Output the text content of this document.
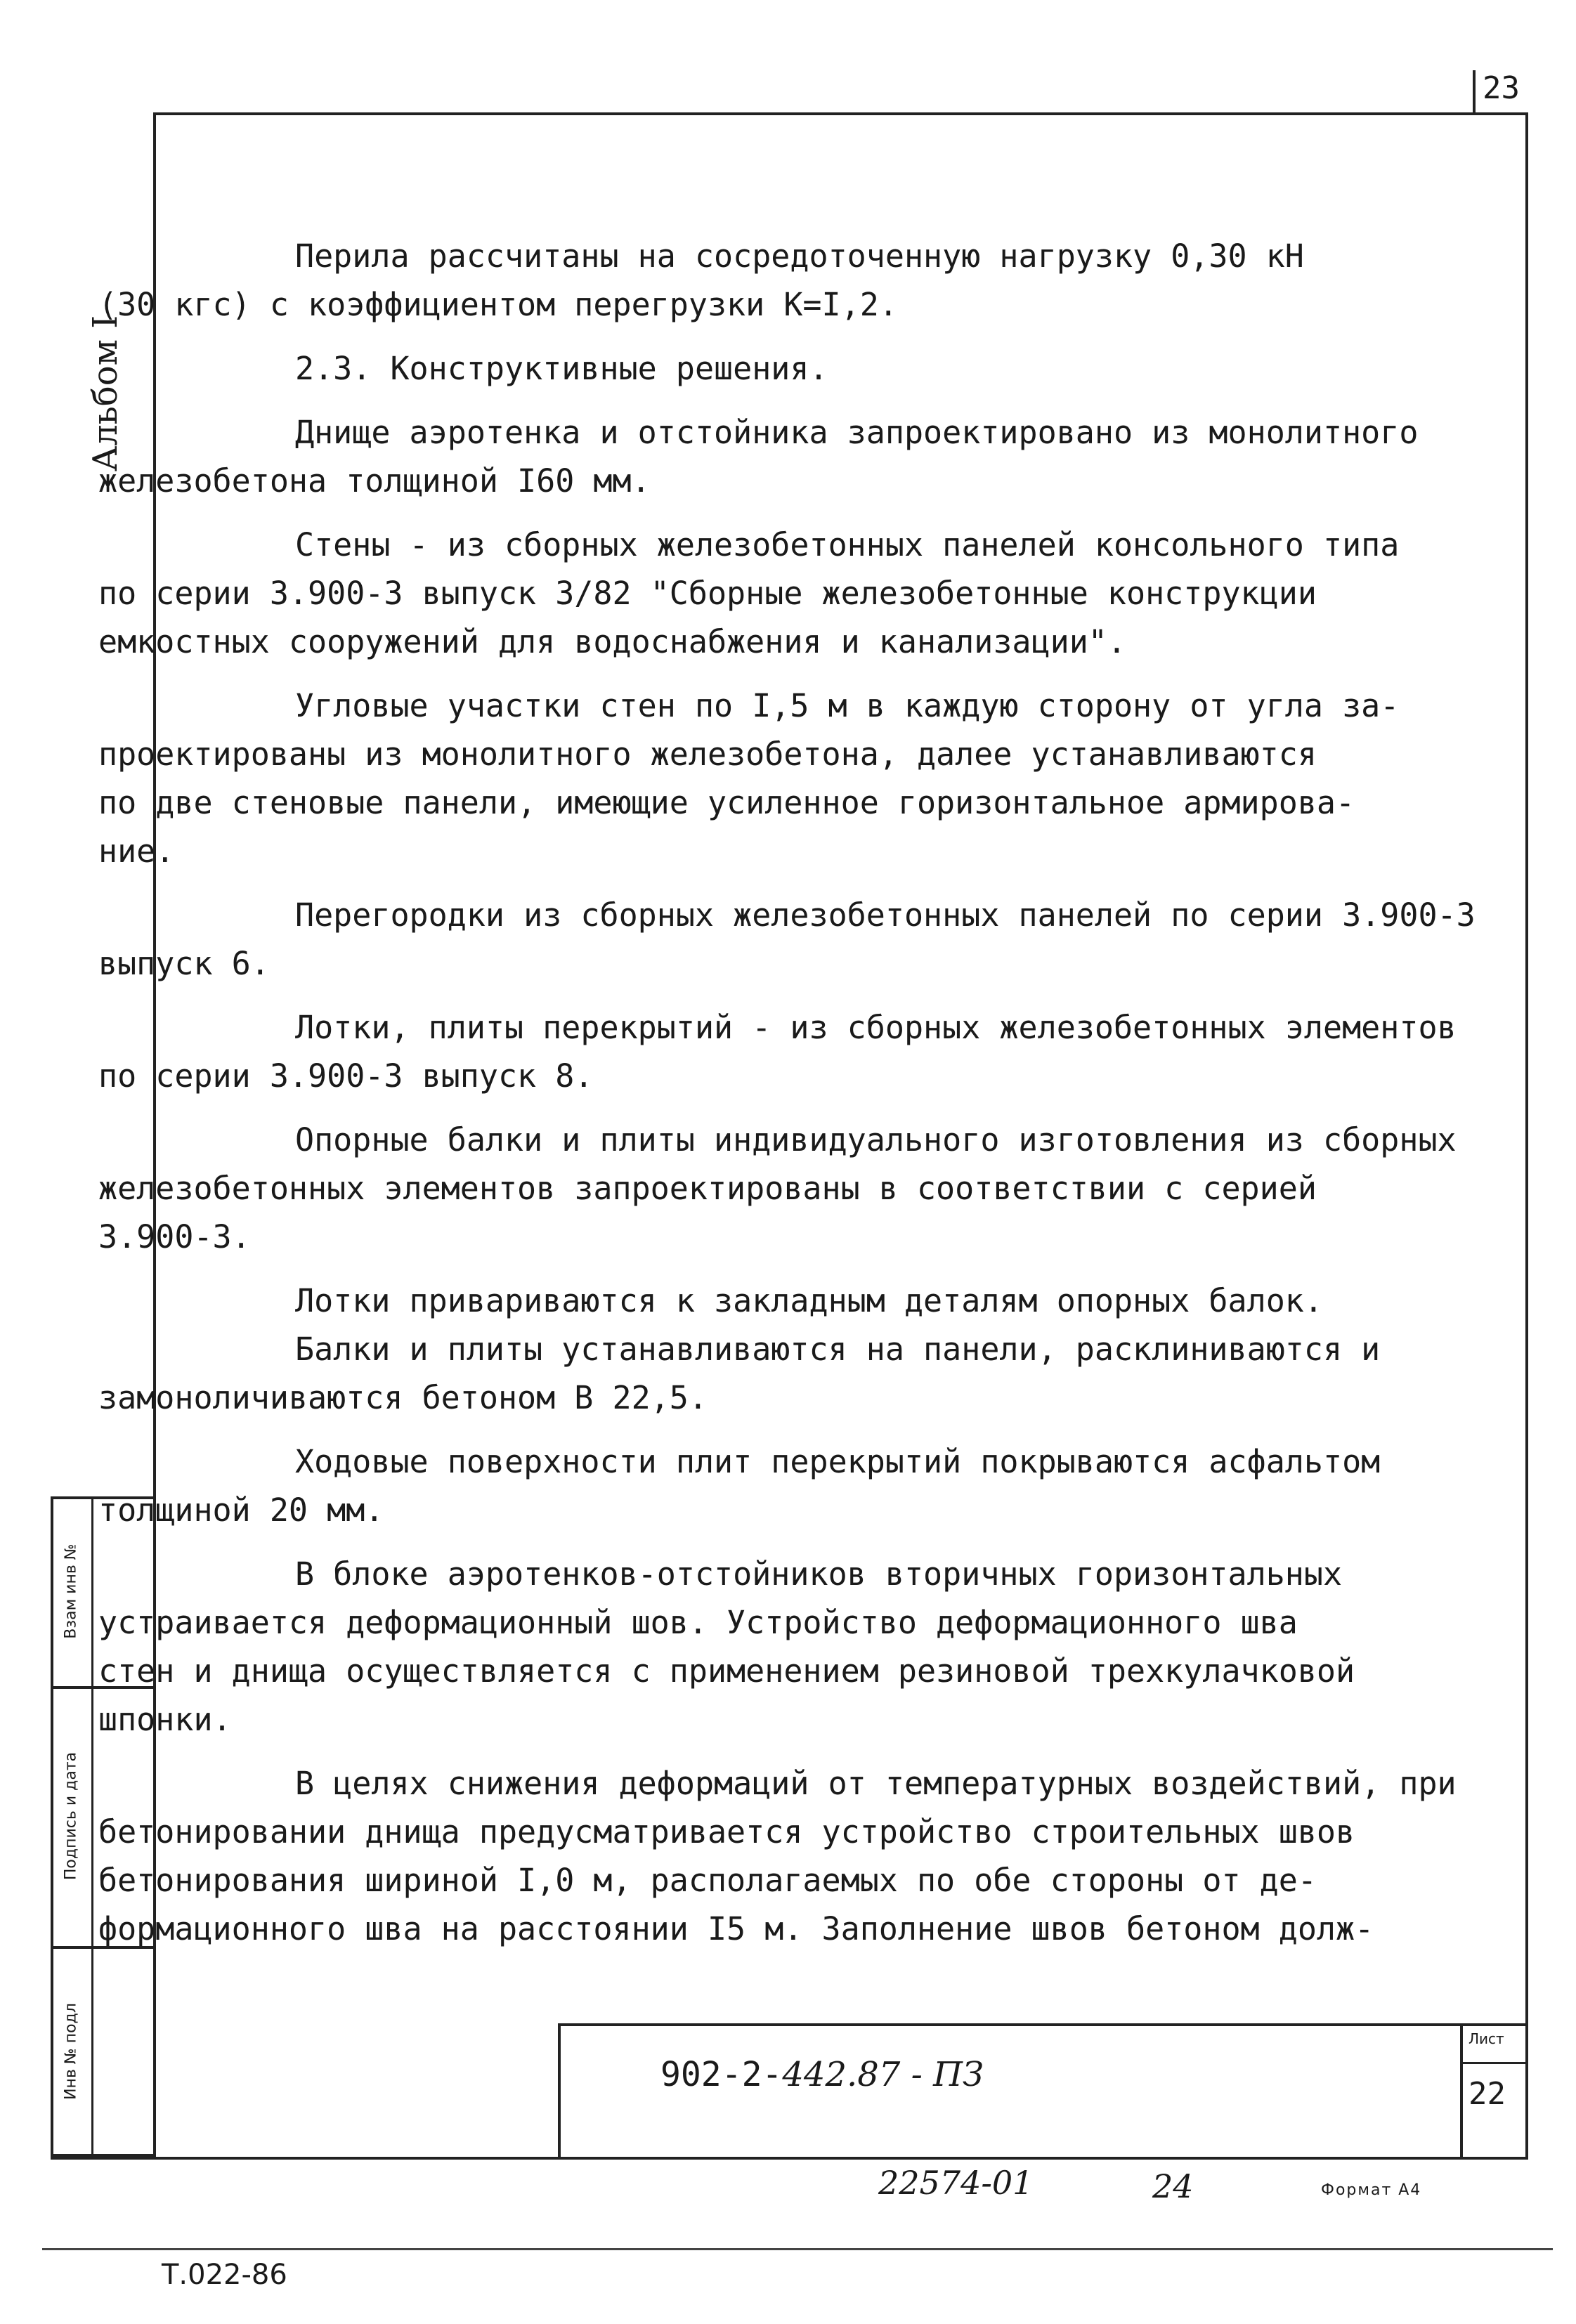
23
Альбом I

Перила рассчитаны на сосредоточенную нагрузку 0,30 кН
(30 кгс) с коэффициентом перегрузки К=I,2.

2.3. Конструктивные решения.

Днище аэротенка и отстойника запроектировано из монолитного
железобетона толщиной I60 мм.

Стены - из сборных железобетонных панелей консольного типа
по серии 3.900-3 выпуск 3/82 "Сборные железобетонные конструкции
емкостных сооружений для водоснабжения и канализации".

Угловые участки стен по I,5 м в каждую сторону от угла за-
проектированы из монолитного железобетона, далее устанавливаются
по две стеновые панели, имеющие усиленное горизонтальное армирова-
ние.

Перегородки из сборных железобетонных панелей по серии 3.900-3
выпуск 6.

Лотки, плиты перекрытий - из сборных железобетонных элементов
по серии 3.900-3 выпуск 8.

Опорные балки и плиты индивидуального изготовления из сборных
железобетонных элементов запроектированы в соответствии с серией
3.900-3.

Лотки привариваются к закладным деталям опорных балок.

Балки и плиты устанавливаются на панели, расклиниваются и
замоноличиваются бетоном В 22,5.

Ходовые поверхности плит перекрытий покрываются асфальтом
толщиной 20 мм.

В блоке аэротенков-отстойников вторичных горизонтальных
устраивается деформационный шов. Устройство деформационного шва
стен и днища осуществляется с применением резиновой трехкулачковой
шпонки.

В целях снижения деформаций от температурных воздействий, при
бетонировании днища предусматривается устройство строительных швов
бетонирования шириной I,0 м, располагаемых по обе стороны от де-
формационного шва на расстоянии I5 м. Заполнение швов бетоном долж-

Взам инв №
Подпись и дата
Инв № подл	902-2-442.87 - ПЗ
Лист
22
22574-01	24	Формат А4
Т.022-86
